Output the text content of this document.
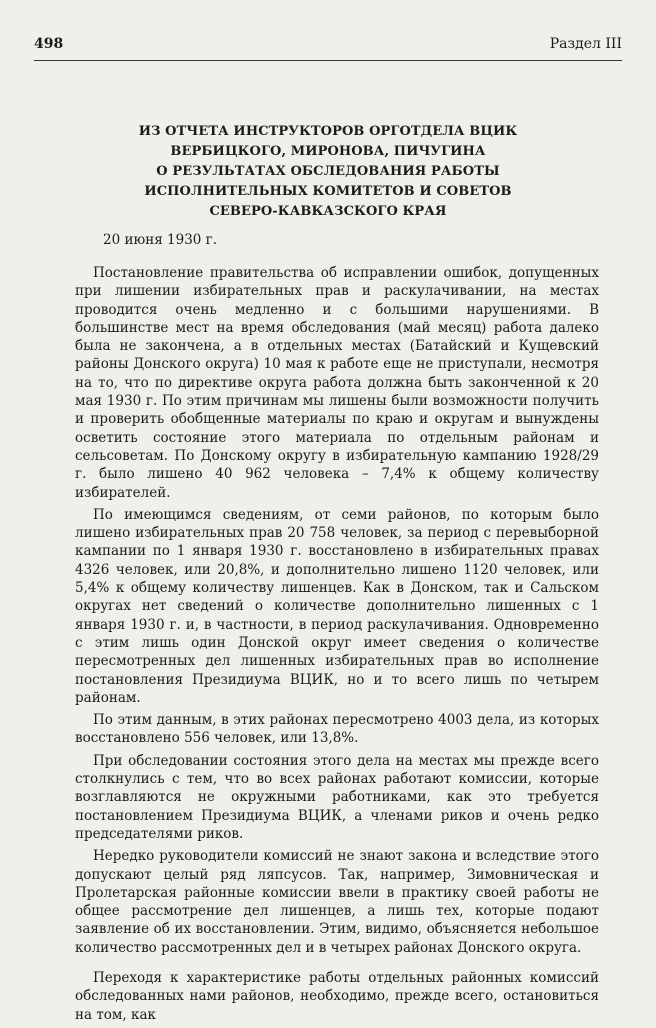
498	Раздел III
ИЗ ОТЧЕТА ИНСТРУКТОРОВ ОРГОТДЕЛА ВЦИК
ВЕРБИЦКОГО, МИРОНОВА, ПИЧУГИНА
О РЕЗУЛЬТАТАХ ОБСЛЕДОВАНИЯ РАБОТЫ
ИСПОЛНИТЕЛЬНЫХ КОМИТЕТОВ И СОВЕТОВ
СЕВЕРО-КАВКАЗСКОГО КРАЯ
20 июня 1930 г.

Постановление правительства об исправлении ошибок, допущенных при лишении избирательных прав и раскулачивании, на местах проводится очень медленно и с большими нарушениями. В большинстве мест на время обследования (май месяц) работа далеко была не закончена, а в отдельных местах (Батайский и Кущевский районы Донского округа) 10 мая к работе еще не приступали, несмотря на то, что по директиве округа работа должна быть законченной к 20 мая 1930 г. По этим причинам мы лишены были возможности получить и проверить обобщенные материалы по краю и округам и вынуждены осветить состояние этого материала по отдельным районам и сельсоветам. По Донскому округу в избирательную кампанию 1928/29 г. было лишено 40 962 человека – 7,4% к общему количеству избирателей.

По имеющимся сведениям, от семи районов, по которым было лишено избирательных прав 20 758 человек, за период с перевыборной кампании по 1 января 1930 г. восстановлено в избирательных правах 4326 человек, или 20,8%, и дополнительно лишено 1120 человек, или 5,4% к общему количеству лишенцев. Как в Донском, так и Сальском округах нет сведений о количестве дополнительно лишенных с 1 января 1930 г. и, в частности, в период раскулачивания. Одновременно с этим лишь один Донской округ имеет сведения о количестве пересмотренных дел лишенных избирательных прав во исполнение постановления Президиума ВЦИК, но и то всего лишь по четырем районам.

По этим данным, в этих районах пересмотрено 4003 дела, из которых восстановлено 556 человек, или 13,8%.

При обследовании состояния этого дела на местах мы прежде всего столкнулись с тем, что во всех районах работают комиссии, которые возглавляются не окружными работниками, как это требуется постановлением Президиума ВЦИК, а членами риков и очень редко председателями риков.

Нередко руководители комиссий не знают закона и вследствие этого допускают целый ряд ляпсусов. Так, например, Зимовническая и Пролетарская районные комиссии ввели в практику своей работы не общее рассмотрение дел лишенцев, а лишь тех, которые подают заявление об их восстановлении. Этим, видимо, объясняется небольшое количество рассмотренных дел и в четырех районах Донского округа.

Переходя к характеристике работы отдельных районных комиссий обследованных нами районов, необходимо, прежде всего, остановиться на том, как
